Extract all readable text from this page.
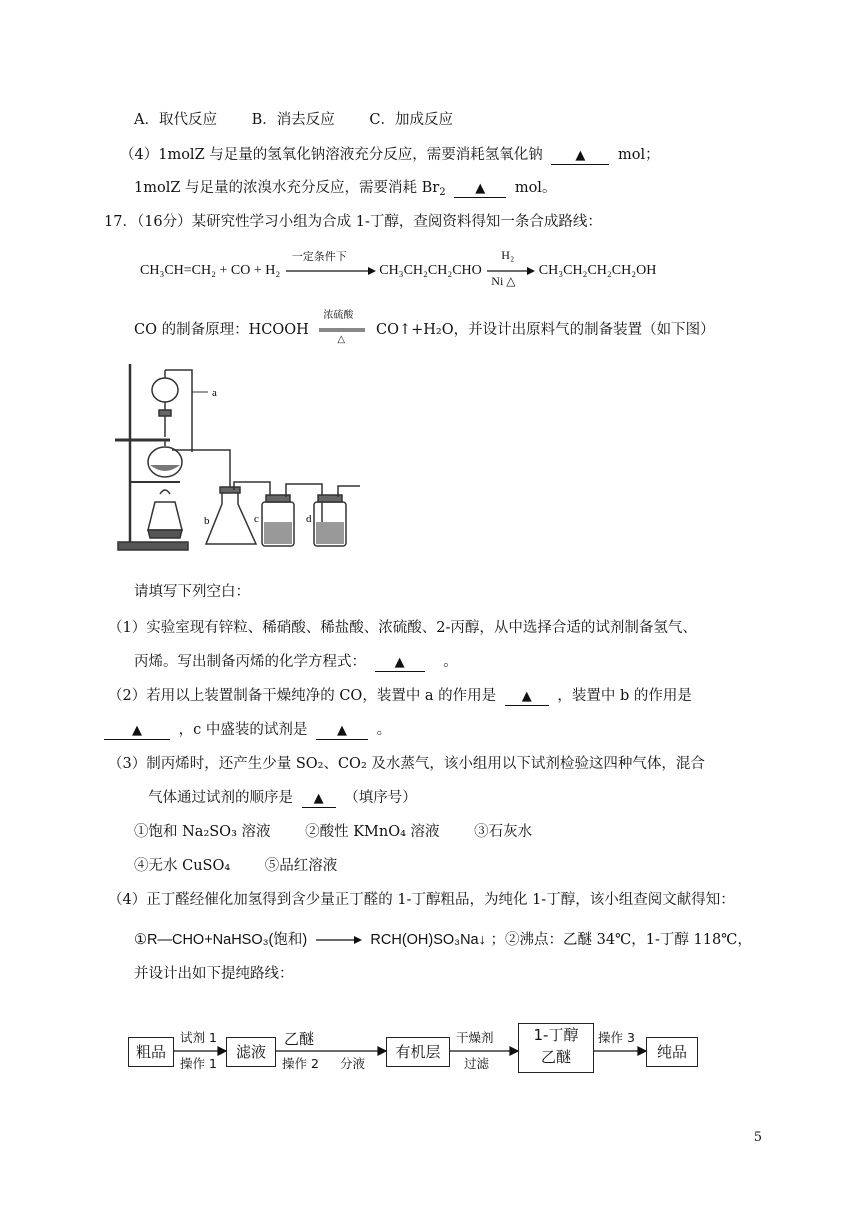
A．取代反应 B．消去反应 C．加成反应
（4）1molZ 与足量的氢氧化钠溶液充分反应，需要消耗氢氧化钠	▲ mol；
1molZ 与足量的浓溴水充分反应，需要消耗 $Br_2$ ▲ mol。
17．（16分）某研究性学习小组为合成 1-丁醇，查阅资料得知一条合成路线：
CH₃CH=CH₂ + CO + H₂
一定条件下
CH₃CH₂CH₂CHO
H₂
Ni △
CH₃CH₂CH₂CH₂OH
CO 的制备原理：HCOOH
浓硫酸
△
CO↑+H₂O，并设计出原料气的制备装置（如下图）
a
b	c	d
请填写下列空白：
（1）实验室现有锌粒、稀硝酸、稀盐酸、浓硫酸、2-丙醇，从中选择合适的试剂制备氢气、
丙烯。写出制备丙烯的化学方程式： ▲	。
（2）若用以上装置制备干燥纯净的 CO，装置中 a 的作用是 ▲ ，装置中 b 的作用是
▲	，c 中盛装的试剂是 ▲ 。
（3）制丙烯时，还产生少量 SO₂、CO₂ 及水蒸气，该小组用以下试剂检验这四种气体，混合
气体通过试剂的顺序是 ▲ （填序号）
①饱和 Na₂SO₃ 溶液 ②酸性 KMnO₄ 溶液 ③石灰水
④无水 CuSO₄ ⑤品红溶液
（4）正丁醛经催化加氢得到含少量正丁醛的 1-丁醇粗品，为纯化 1-丁醇，该小组查阅文献得知：
①R—CHO+NaHSO₃(饱和)	RCH(OH)SO₃Na↓ ；②沸点：乙醚 34℃，1-丁醇 118℃，
并设计出如下提纯路线：
粗品	滤液	有机层
1-丁醇
乙醚	纯品
试剂 1
操作 1
乙醚
操作 2 分液
干燥剂
过滤
操作 3
5
